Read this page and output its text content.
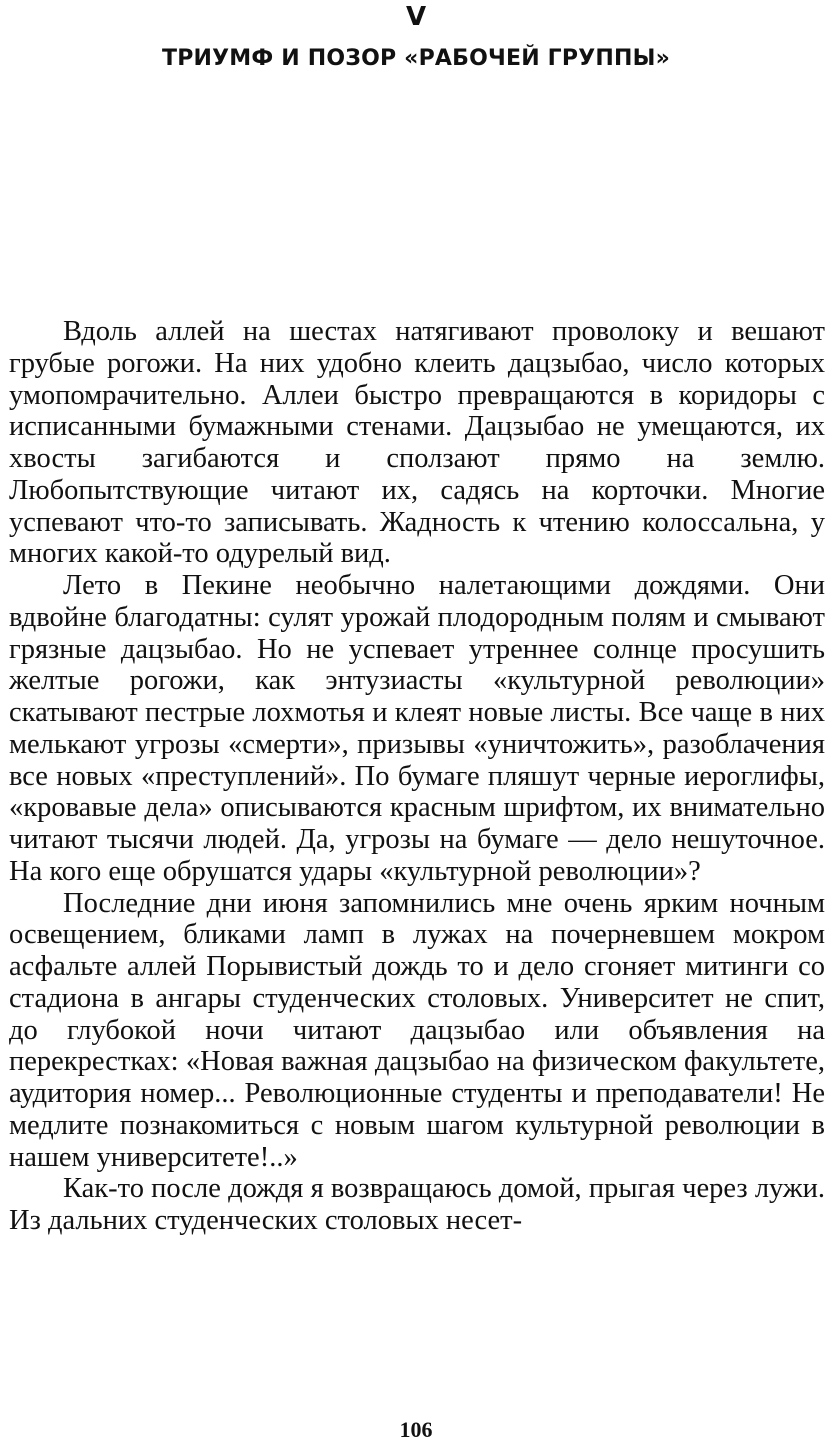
V
ТРИУМФ И ПОЗОР «РАБОЧЕЙ ГРУППЫ»

Вдоль аллей на шестах натягивают проволоку и вешают грубые рогожи. На них удобно клеить дацзыбао, число которых умопомрачительно. Аллеи быстро превращаются в коридоры с исписанными бумажными стенами. Дацзыбао не умещаются, их хвосты загибаются и сползают прямо на землю. Любопытствующие читают их, садясь на корточки. Многие успевают что-то записывать. Жадность к чтению колоссальна, у многих какой-то одурелый вид.

Лето в Пекине необычно налетающими дождями. Они вдвойне благодатны: сулят урожай плодородным полям и смывают грязные дацзыбао. Но не успевает утреннее солнце просушить желтые рогожи, как энтузиасты «культурной революции» скатывают пестрые лохмотья и клеят новые листы. Все чаще в них мелькают угрозы «смерти», призывы «уничтожить», разоблачения все новых «преступлений». По бумаге пляшут черные иероглифы, «кровавые дела» описываются красным шрифтом, их внимательно читают тысячи людей. Да, угрозы на бумаге — дело нешуточное. На кого еще обрушатся удары «культурной революции»?

Последние дни июня запомнились мне очень ярким ночным освещением, бликами ламп в лужах на почерневшем мокром асфальте аллей Порывистый дождь то и дело сгоняет митинги со стадиона в ангары студенческих столовых. Университет не спит, до глубокой ночи читают дацзыбао или объявления на перекрестках: «Новая важная дацзыбао на физическом факультете, аудитория номер... Революционные студенты и преподаватели! Не медлите познакомиться с новым шагом культурной революции в нашем университете!..»

Как-то после дождя я возвращаюсь домой, прыгая через лужи. Из дальних студенческих столовых несет-

106
